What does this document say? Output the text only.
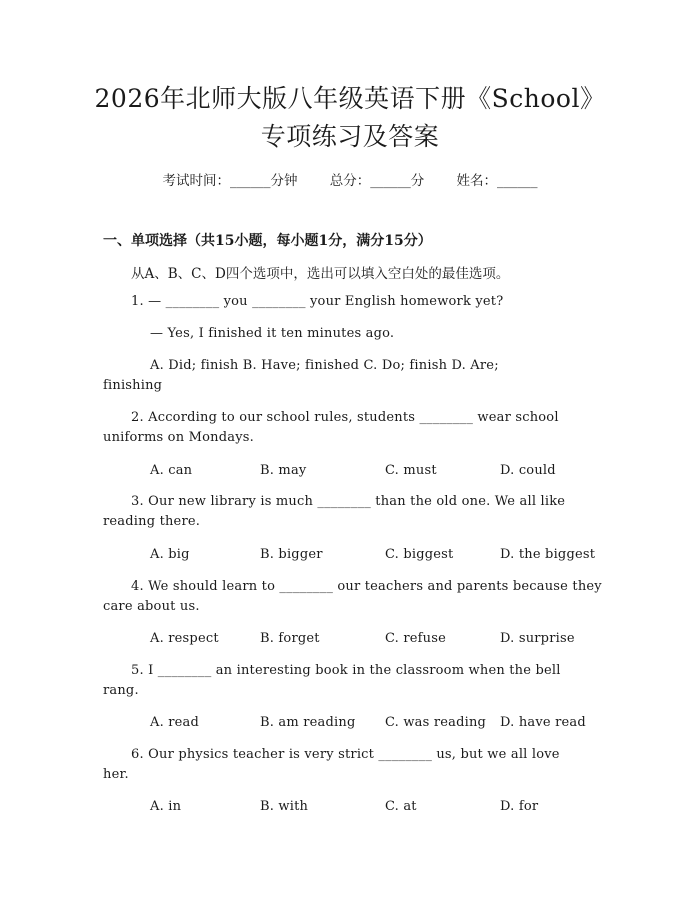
2026年北师大版八年级英语下册《School》
专项练习及答案
考试时间：______分钟 总分：______分 姓名：______
一、单项选择（共15小题，每小题1分，满分15分）
从A、B、C、D四个选项中，选出可以填入空白处的最佳选项。
1. — ________ you ________ your English homework yet?
— Yes, I finished it ten minutes ago.
A. Did; finish B. Have; finished C. Do; finish D. Are;
finishing
2. According to our school rules, students ________ wear school
uniforms on Mondays.
A. can	B. may	C. must	D. could
3. Our new library is much ________ than the old one. We all like
reading there.
A. big	B. bigger	C. biggest	D. the biggest
4. We should learn to ________ our teachers and parents because they
care about us.
A. respect	B. forget	C. refuse	D. surprise
5. I ________ an interesting book in the classroom when the bell
rang.
A. read	B. am reading C. was reading D. have read
6. Our physics teacher is very strict ________ us, but we all love
her.
A. in	B. with	C. at	D. for
